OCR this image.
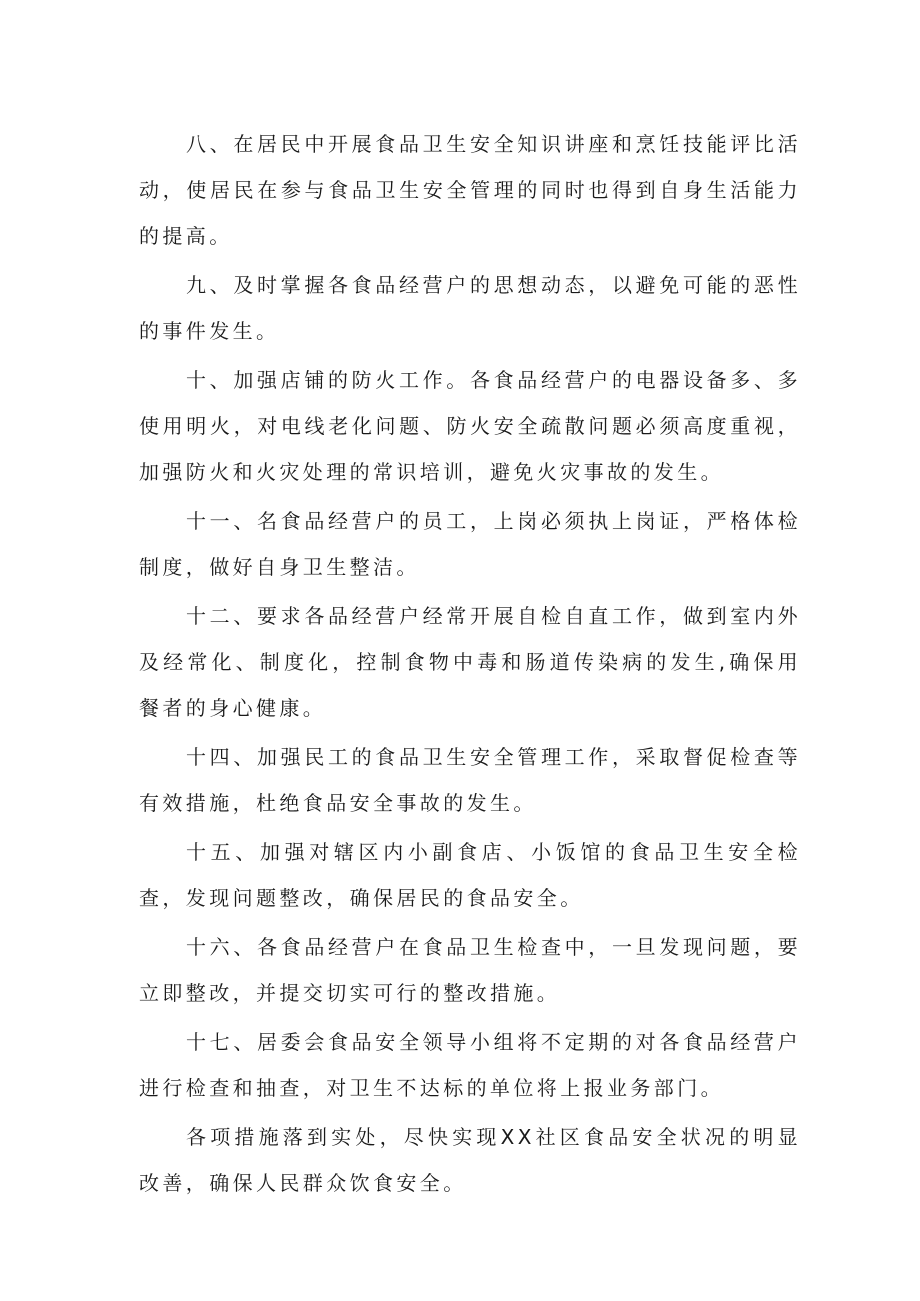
八、在居民中开展食品卫生安全知识讲座和烹饪技能评比活动，使居民在参与食品卫生安全管理的同时也得到自身生活能力的提高。

九、及时掌握各食品经营户的思想动态，以避免可能的恶性的事件发生。

十、加强店铺的防火工作。各食品经营户的电器设备多、多使用明火，对电线老化问题、防火安全疏散问题必须高度重视，加强防火和火灾处理的常识培训，避免火灾事故的发生。

十一、名食品经营户的员工，上岗必须执上岗证，严格体检制度，做好自身卫生整洁。

十二、要求各品经营户经常开展自检自直工作，做到室内外及经常化、制度化，控制食物中毒和肠道传染病的发生,确保用餐者的身心健康。

十四、加强民工的食品卫生安全管理工作，采取督促检查等有效措施，杜绝食品安全事故的发生。

十五、加强对辖区内小副食店、小饭馆的食品卫生安全检查，发现问题整改，确保居民的食品安全。

十六、各食品经营户在食品卫生检查中，一旦发现问题，要立即整改，并提交切实可行的整改措施。

十七、居委会食品安全领导小组将不定期的对各食品经营户进行检查和抽查，对卫生不达标的单位将上报业务部门。

各项措施落到实处，尽快实现XX社区食品安全状况的明显改善，确保人民群众饮食安全。
